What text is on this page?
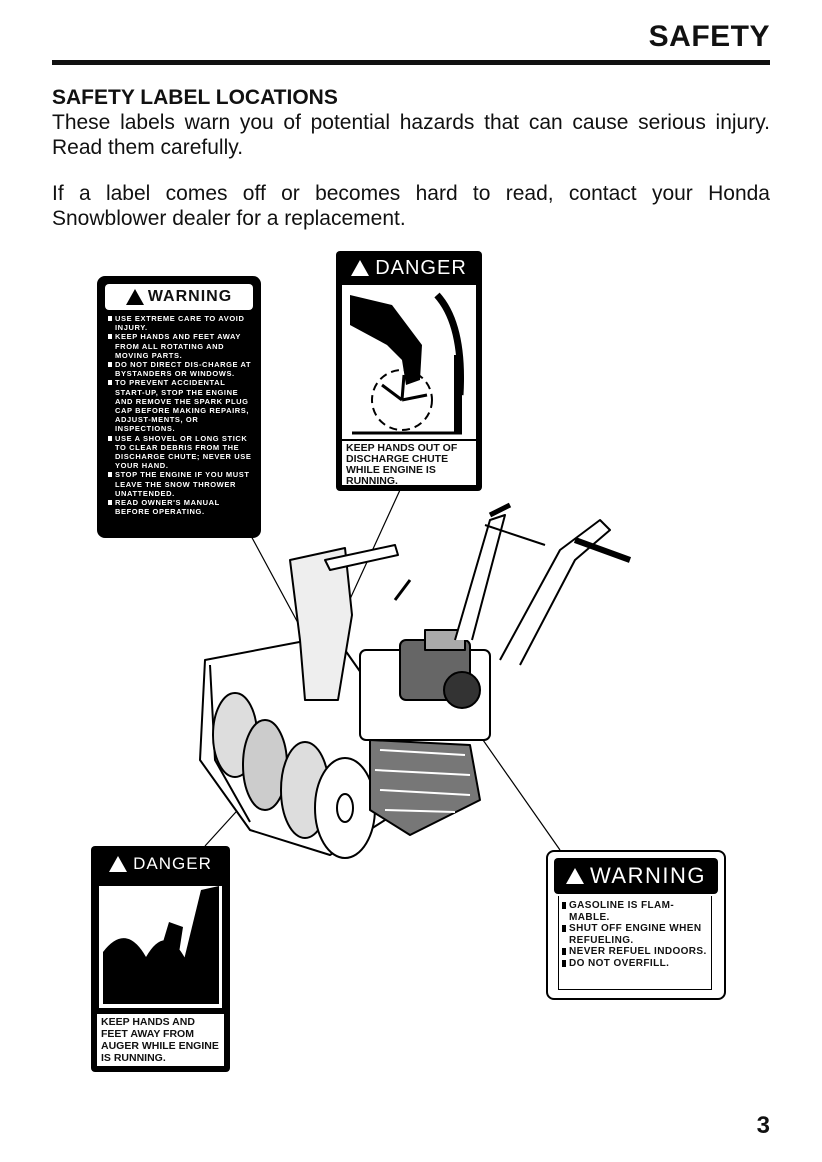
SAFETY
SAFETY LABEL LOCATIONS
These labels warn you of potential hazards that can cause serious injury. Read them carefully.
If a label comes off or becomes hard to read, contact your Honda Snowblower dealer for a replacement.
WARNING
USE EXTREME CARE TO AVOID INJURY.
KEEP HANDS AND FEET AWAY FROM ALL ROTATING AND MOVING PARTS.
DO NOT DIRECT DIS-CHARGE AT BYSTANDERS OR WINDOWS.
TO PREVENT ACCIDENTAL START-UP, STOP THE ENGINE AND REMOVE THE SPARK PLUG CAP BEFORE MAKING REPAIRS, ADJUST-MENTS, OR INSPECTIONS.
USE A SHOVEL OR LONG STICK TO CLEAR DEBRIS FROM THE DISCHARGE CHUTE; NEVER USE YOUR HAND.
STOP THE ENGINE IF YOU MUST LEAVE THE SNOW THROWER UNATTENDED.
READ OWNER'S MANUAL BEFORE OPERATING.
DANGER
KEEP HANDS OUT OF DISCHARGE CHUTE WHILE ENGINE IS RUNNING.
DANGER
KEEP HANDS AND FEET AWAY FROM AUGER WHILE ENGINE IS RUNNING.
WARNING
GASOLINE IS FLAM-MABLE.
SHUT OFF ENGINE WHEN REFUELING.
NEVER REFUEL INDOORS.
DO NOT OVERFILL.
3
